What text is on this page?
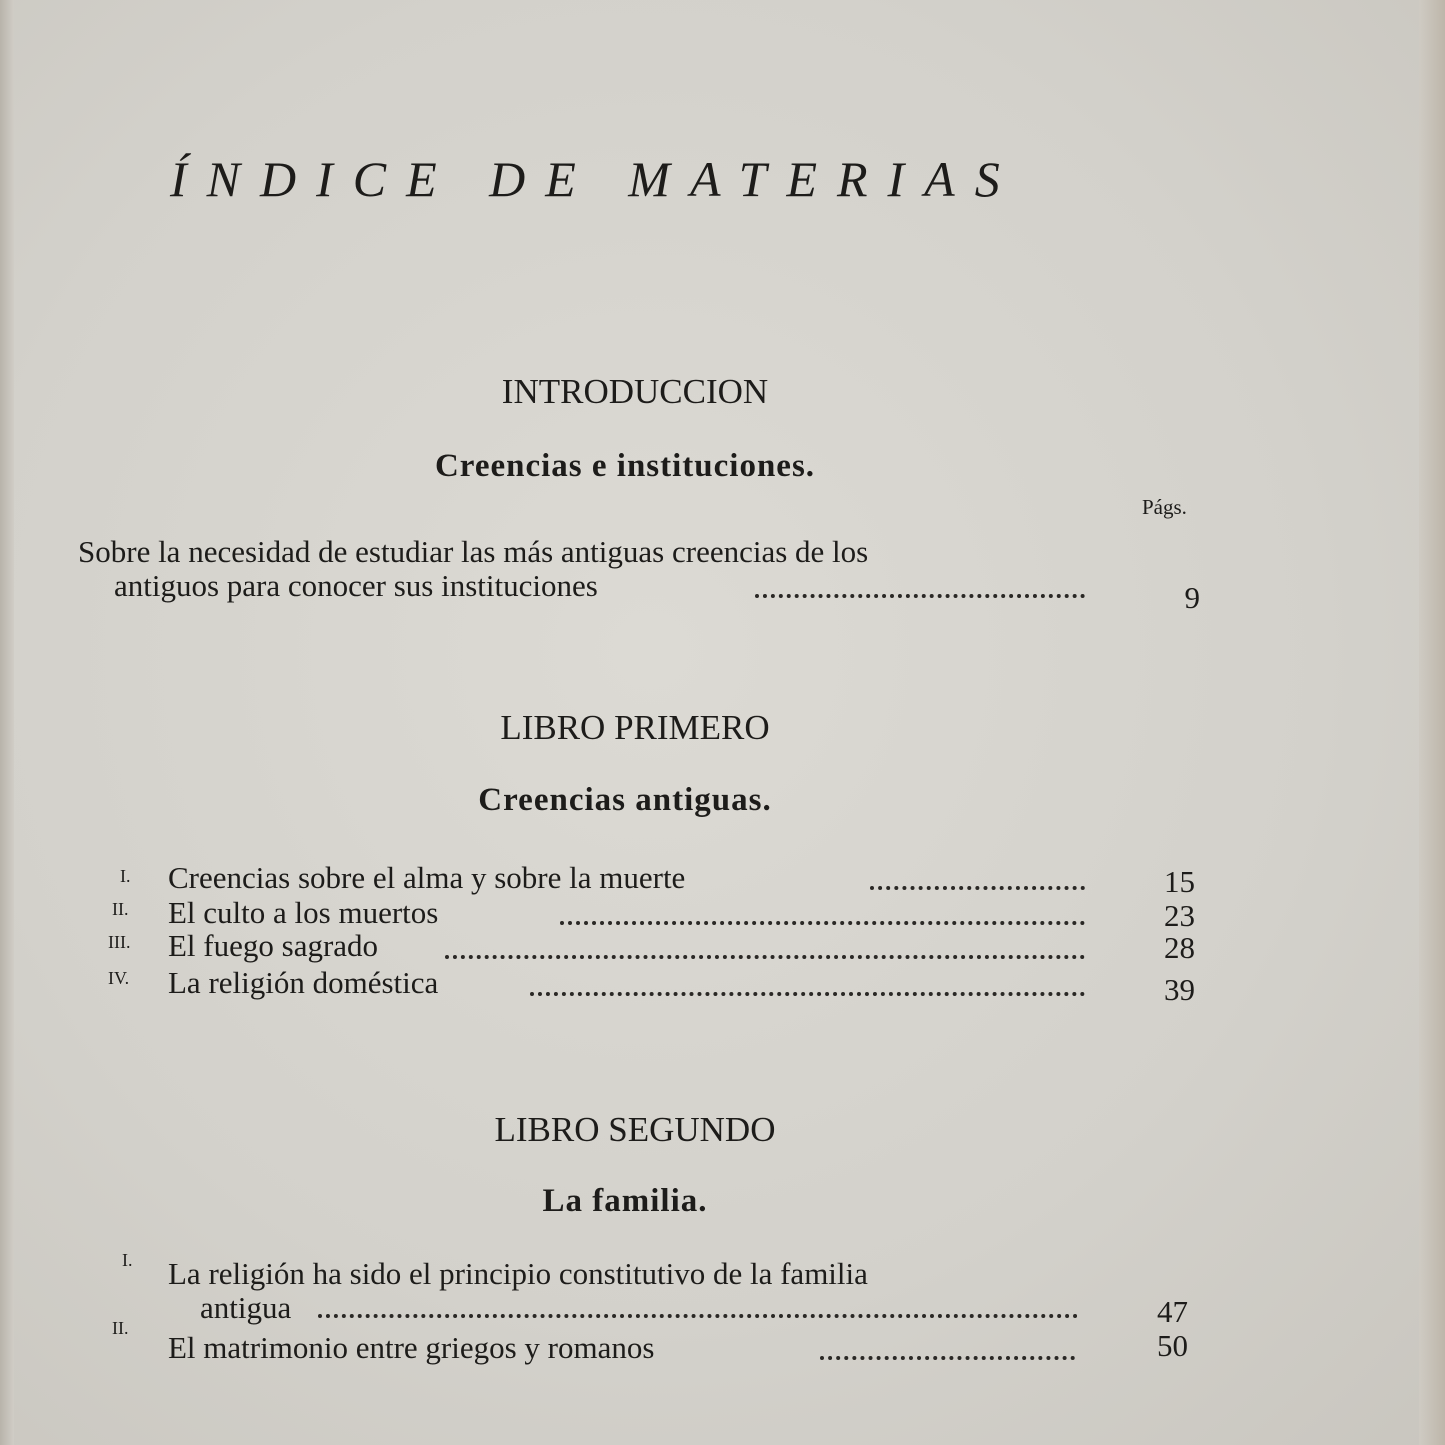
ÍNDICE DE MATERIAS
INTRODUCCION
Creencias e instituciones.
Págs.
Sobre la necesidad de estudiar las más antiguas creencias de los
antiguos para conocer sus instituciones	9
LIBRO PRIMERO
Creencias antiguas.
I. Creencias sobre el alma y sobre la muerte	15
II. El culto a los muertos	23
III. El fuego sagrado	28
IV. La religión doméstica	39
LIBRO SEGUNDO
La familia.
I. La religión ha sido el principio constitutivo de la familia
antigua	47
II.
El matrimonio entre griegos y romanos	50
